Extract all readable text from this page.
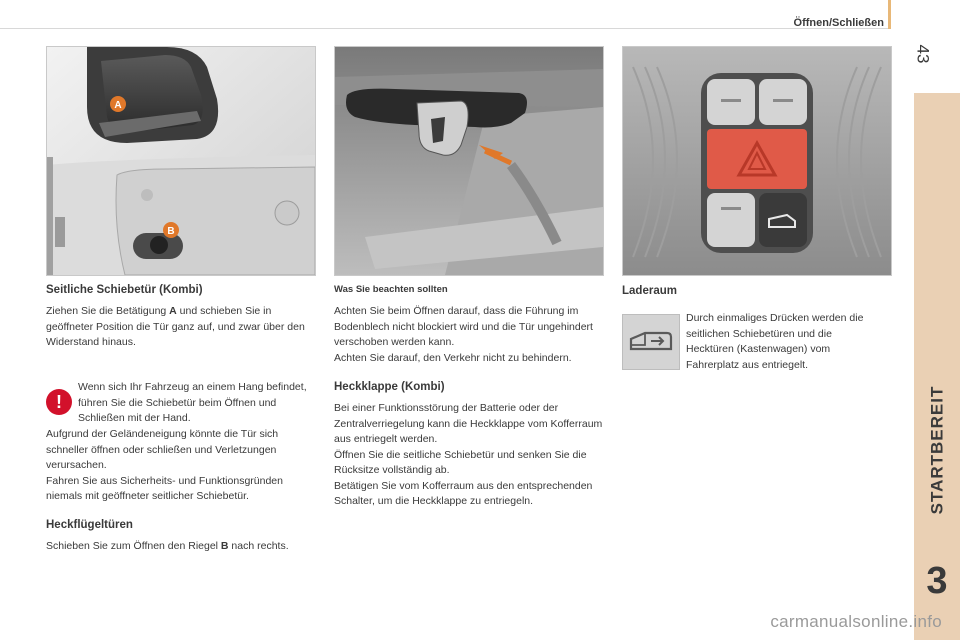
Öffnen/Schließen
43
STARTBEREIT
3
A
B
Seitliche Schiebetür (Kombi)

Ziehen Sie die Betätigung A und schieben Sie in geöffneter Position die Tür ganz auf, und zwar über den Widerstand hinaus.

!

Wenn sich Ihr Fahrzeug an einem Hang befindet, führen Sie die Schiebetür beim Öffnen und Schließen mit der Hand.

Aufgrund der Geländeneigung könnte die Tür sich schneller öffnen oder schließen und Verletzungen verursachen.

Fahren Sie aus Sicherheits- und Funktionsgründen niemals mit geöffneter seitlicher Schiebetür.

Heckflügeltüren

Schieben Sie zum Öffnen den Riegel B nach rechts.

Was Sie beachten sollten

Achten Sie beim Öffnen darauf, dass die Führung im Bodenblech nicht blockiert wird und die Tür ungehindert verschoben werden kann.

Achten Sie darauf, den Verkehr nicht zu behindern.

Heckklappe (Kombi)

Bei einer Funktionsstörung der Batterie oder der Zentralverriegelung kann die Heckklappe vom Kofferraum aus entriegelt werden.

Öffnen Sie die seitliche Schiebetür und senken Sie die Rücksitze vollständig ab.

Betätigen Sie vom Kofferraum aus den entsprechenden Schalter, um die Heckklappe zu entriegeln.

Laderaum

Durch einmaliges Drücken werden die seitlichen Schiebetüren und die Hecktüren (Kastenwagen) vom Fahrerplatz aus entriegelt.

carmanualsonline.info
